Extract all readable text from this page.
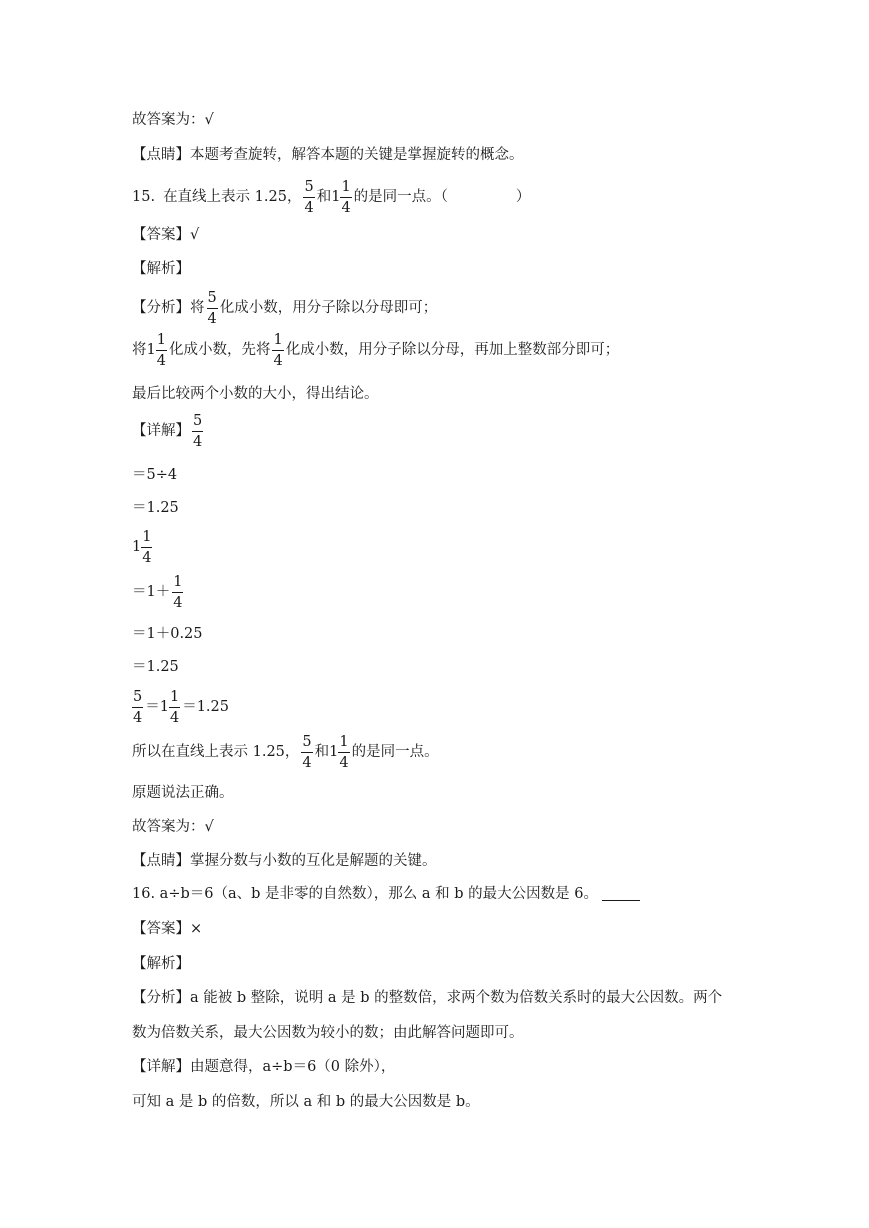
故答案为：√
【点睛】本题考查旋转，解答本题的关键是掌握旋转的概念。
15. 在直线上表示 1.25， $\frac{5}{4}$ 和 $1 \frac{1}{4}$ 的是同一点。（	）
【答案】√
【解析】
【分析】将 $\frac{5}{4}$ 化成小数，用分子除以分母即可；
将 $1 \frac{1}{4}$ 化成小数，先将 $\frac{1}{4}$ 化成小数，用分子除以分母，再加上整数部分即可；
最后比较两个小数的大小，得出结论。
【详解】 $\frac{5}{4}$
＝5÷4
＝1.25
$1 \frac{1}{4}$
$=1+ \frac{1}{4}$
＝1＋0.25
＝1.25
$\frac{5}{4} = 1 \frac{1}{4} =1.25$
所以在直线上表示 1.25， $\frac{5}{4}$ 和 $1 \frac{1}{4}$ 的是同一点。
原题说法正确。
故答案为：√
【点睛】掌握分数与小数的互化是解题的关键。
16. a÷b＝6（a、b 是非零的自然数），那么 a 和 b 的最大公因数是 6。
【答案】×
【解析】
【分析】a 能被 b 整除，说明 a 是 b 的整数倍，求两个数为倍数关系时的最大公因数。两个
数为倍数关系，最大公因数为较小的数；由此解答问题即可。
【详解】由题意得，a÷b＝6（0 除外），
可知 a 是 b 的倍数，所以 a 和 b 的最大公因数是 b。
